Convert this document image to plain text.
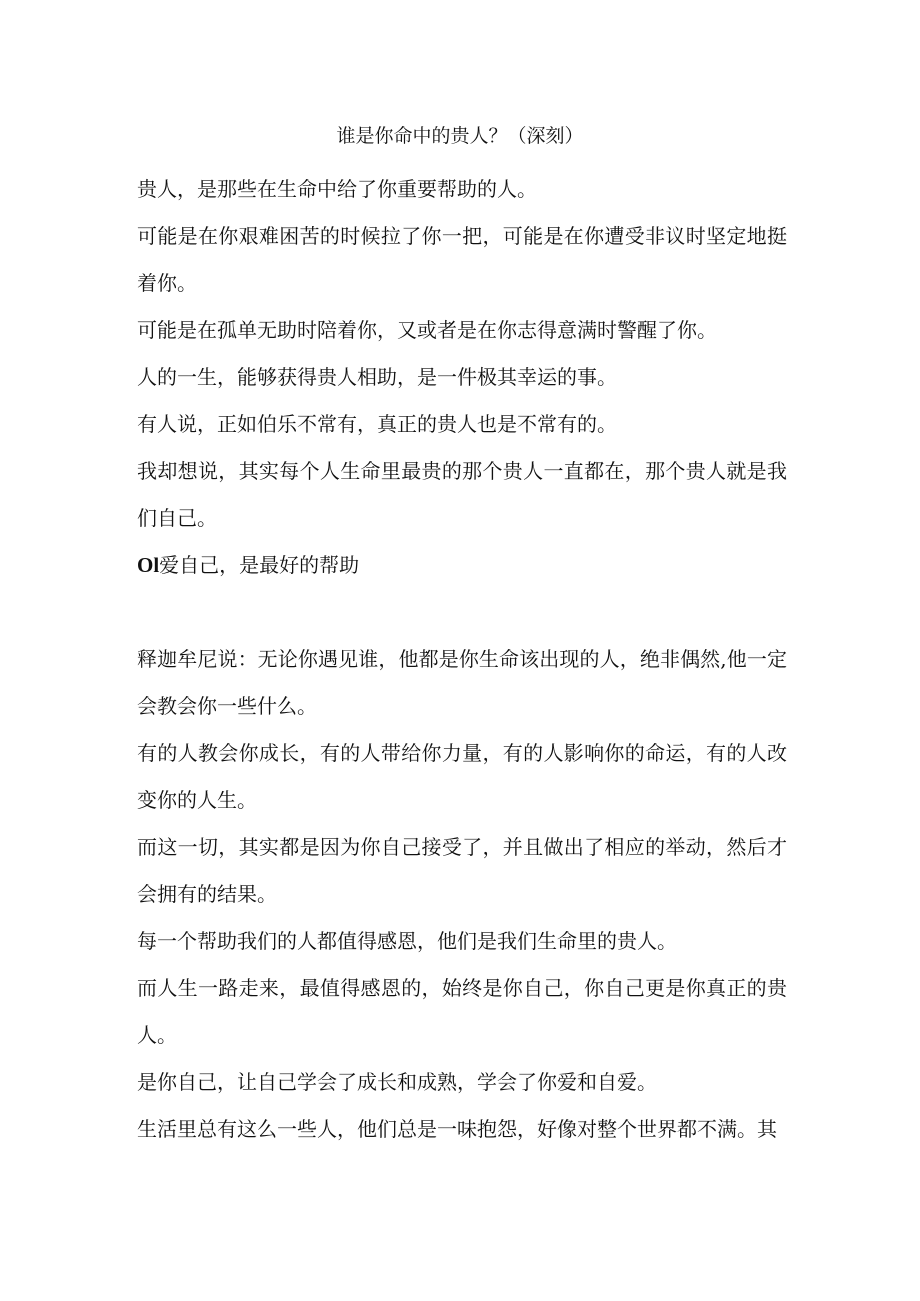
谁是你命中的贵人？（深刻）

贵人，是那些在生命中给了你重要帮助的人。

可能是在你艰难困苦的时候拉了你一把，可能是在你遭受非议时坚定地挺着你。

可能是在孤单无助时陪着你，又或者是在你志得意满时警醒了你。

人的一生，能够获得贵人相助，是一件极其幸运的事。

有人说，正如伯乐不常有，真正的贵人也是不常有的。

我却想说，其实每个人生命里最贵的那个贵人一直都在，那个贵人就是我们自己。

Ol爱自己，是最好的帮助

释迦牟尼说：无论你遇见谁，他都是你生命该出现的人，绝非偶然,他一定会教会你一些什么。

有的人教会你成长，有的人带给你力量，有的人影响你的命运，有的人改变你的人生。

而这一切，其实都是因为你自己接受了，并且做出了相应的举动，然后才会拥有的结果。

每一个帮助我们的人都值得感恩，他们是我们生命里的贵人。

而人生一路走来，最值得感恩的，始终是你自己，你自己更是你真正的贵人。

是你自己，让自己学会了成长和成熟，学会了你爱和自爱。

生活里总有这么一些人，他们总是一味抱怨，好像对整个世界都不满。其
